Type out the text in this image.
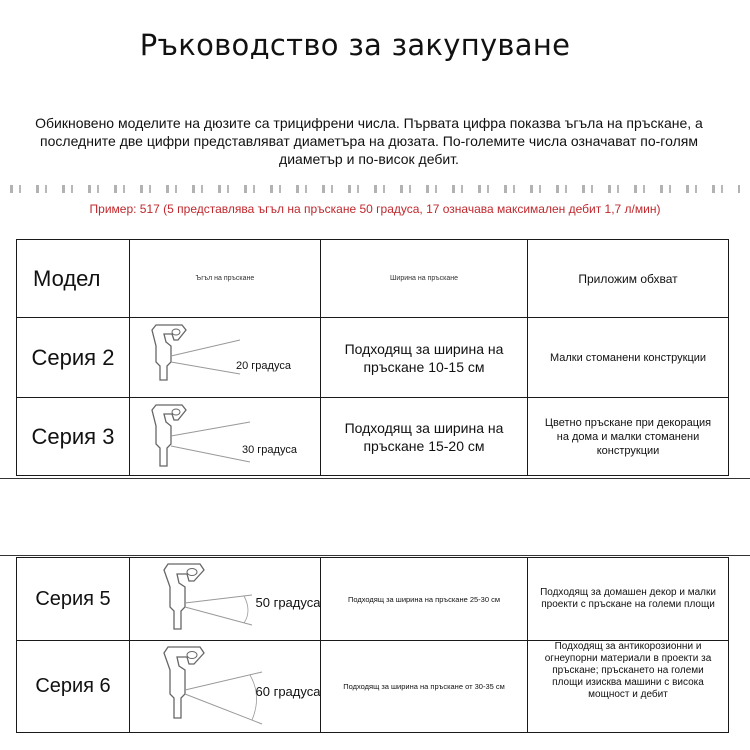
Ръководство за закупуване
Обикновено моделите на дюзите са трицифрени числа. Първата цифра показва ъгъла на пръскане, а последните две цифри представляват диаметъра на дюзата. По-големите числа означават по-голям диаметър и по-висок дебит.
Пример: 517 (5 представлява ъгъл на пръскане 50 градуса, 17 означава максимален дебит 1,7 л/мин)
Модел	Ъгъл на пръскане	Ширина на пръскане	Приложим обхват
Серия 2	20 градуса	Подходящ за ширина на пръскане 10-15 см	Малки стоманени конструкции
Серия 3	30 градуса	Подходящ за ширина на пръскане 15-20 см	Цветно пръскане при декорация на дома и малки стоманени конструкции
Серия 5	50 градуса	Подходящ за ширина на пръскане 25-30 см	Подходящ за домашен декор и малки проекти с пръскане на големи площи
Серия 6	60 градуса	Подходящ за ширина на пръскане от 30-35 см	Подходящ за антикорозионни и огнеупорни материали в проекти за пръскане; пръскането на големи площи изисква машини с висока мощност и дебит
